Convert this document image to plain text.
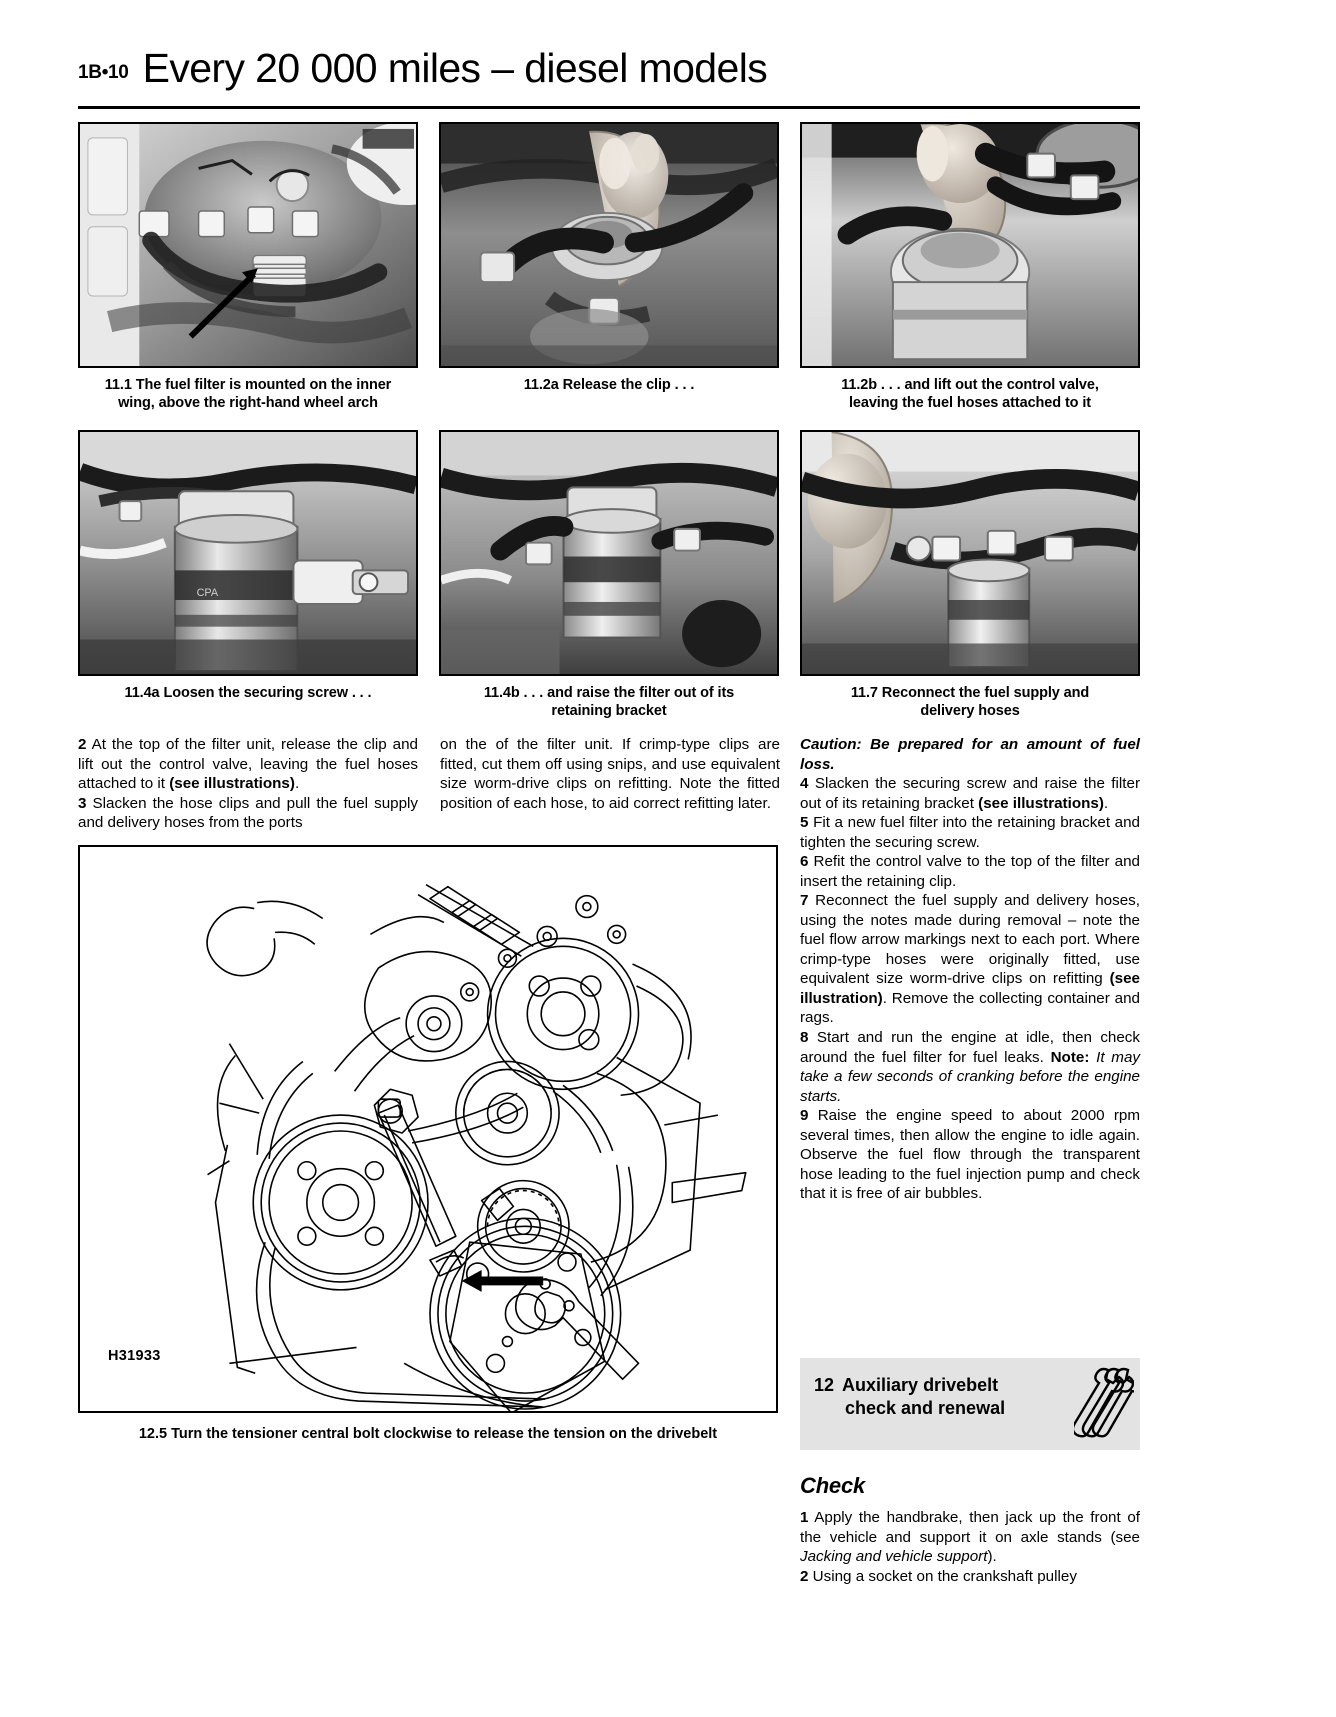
1B•10 Every 20 000 miles – diesel models
11.1 The fuel filter is mounted on the inner
wing, above the right-hand wheel arch
11.2a Release the clip . . .	11.2b . . . and lift out the control valve,
leaving the fuel hoses attached to it
CPA
11.4a Loosen the securing screw . . .	11.4b . . . and raise the filter out of its
retaining bracket
11.7 Reconnect the fuel supply and
delivery hoses

2 At the top of the filter unit, release the clip and lift out the control valve, leaving the fuel hoses attached to it (see illustrations).

3 Slacken the hose clips and pull the fuel supply and delivery hoses from the ports

on the of the filter unit. If crimp-type clips are fitted, cut them off using snips, and use equivalent size worm-drive clips on refitting. Note the fitted position of each hose, to aid correct refitting later.

Caution: Be prepared for an amount of fuel loss.

4 Slacken the securing screw and raise the filter out of its retaining bracket (see illustrations).

5 Fit a new fuel filter into the retaining bracket and tighten the securing screw.

6 Refit the control valve to the top of the filter and insert the retaining clip.

7 Reconnect the fuel supply and delivery hoses, using the notes made during removal – note the fuel flow arrow markings next to each port. Where crimp-type hoses were originally fitted, use equivalent size worm-drive clips on refitting (see illustration). Remove the collecting container and rags.

8 Start and run the engine at idle, then check around the fuel filter for fuel leaks. Note: It may take a few seconds of cranking before the engine starts.

9 Raise the engine speed to about 2000 rpm several times, then allow the engine to idle again. Observe the fuel flow through the transparent hose leading to the fuel injection pump and check that it is free of air bubbles.

H31933
12.5 Turn the tensioner central bolt clockwise to release the tension on the drivebelt
12 Auxiliary drivebelt
check and renewal
Check

1 Apply the handbrake, then jack up the front of the vehicle and support it on axle stands (see Jacking and vehicle support).

2 Using a socket on the crankshaft pulley
